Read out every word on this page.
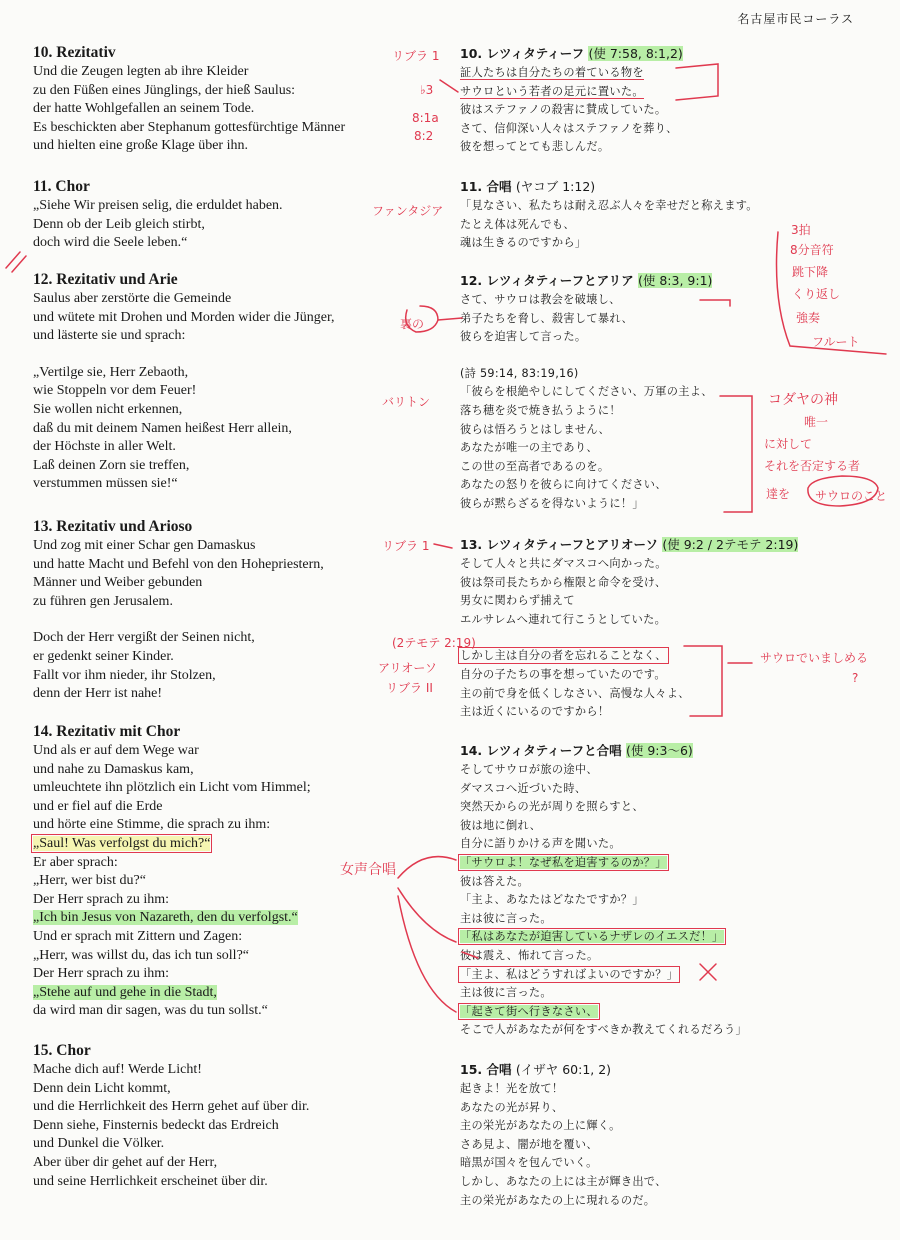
名古屋市民コーラス
10. Rezitativ
Und die Zeugen legten ab ihre Kleider
zu den Füßen eines Jünglings, der hieß Saulus:
der hatte Wohlgefallen an seinem Tode.
Es beschickten aber Stephanum gottesfürchtige Männer
und hielten eine große Klage über ihn.
11. Chor
„Siehe Wir preisen selig, die erduldet haben.
Denn ob der Leib gleich stirbt,
doch wird die Seele leben.“
12. Rezitativ und Arie
Saulus aber zerstörte die Gemeinde
und wütete mit Drohen und Morden wider die Jünger,
und lästerte sie und sprach:
„Vertilge sie, Herr Zebaoth,
wie Stoppeln vor dem Feuer!
Sie wollen nicht erkennen,
daß du mit deinem Namen heißest Herr allein,
der Höchste in aller Welt.
Laß deinen Zorn sie treffen,
verstummen müssen sie!“
13. Rezitativ und Arioso
Und zog mit einer Schar gen Damaskus
und hatte Macht und Befehl von den Hohepriestern,
Männer und Weiber gebunden
zu führen gen Jerusalem.
Doch der Herr vergißt der Seinen nicht,
er gedenkt seiner Kinder.
Fallt vor ihm nieder, ihr Stolzen,
denn der Herr ist nahe!
14. Rezitativ mit Chor
Und als er auf dem Wege war
und nahe zu Damaskus kam,
umleuchtete ihn plötzlich ein Licht vom Himmel;
und er fiel auf die Erde
und hörte eine Stimme, die sprach zu ihm:
„Saul! Was verfolgst du mich?“
Er aber sprach:
„Herr, wer bist du?“
Der Herr sprach zu ihm:
„Ich bin Jesus von Nazareth, den du verfolgst.“
Und er sprach mit Zittern und Zagen:
„Herr, was willst du, das ich tun soll?“
Der Herr sprach zu ihm:
„Stehe auf und gehe in die Stadt,
da wird man dir sagen, was du tun sollst.“
15. Chor
Mache dich auf! Werde Licht!
Denn dein Licht kommt,
und die Herrlichkeit des Herrn gehet auf über dir.
Denn siehe, Finsternis bedeckt das Erdreich
und Dunkel die Völker.
Aber über dir gehet auf der Herr,
und seine Herrlichkeit erscheinet über dir.
10. レツィタティーフ (使 7:58, 8:1,2)
証人たちは自分たちの着ている物を
サウロという若者の足元に置いた。
彼はステファノの殺害に賛成していた。
さて、信仰深い人々はステファノを葬り、
彼を想ってとても悲しんだ。
11. 合唱 (ヤコブ 1:12)
「見なさい、私たちは耐え忍ぶ人々を幸せだと称えます。
たとえ体は死んでも、
魂は生きるのですから」
12. レツィタティーフとアリア (使 8:3, 9:1)
さて、サウロは教会を破壊し、
弟子たちを脅し、殺害して暴れ、
彼らを迫害して言った。
(詩 59:14, 83:19,16)
「彼らを根絶やしにしてください、万軍の主よ、
落ち穂を炎で焼き払うように！
彼らは悟ろうとはしません、
あなたが唯一の主であり、
この世の至高者であるのを。
あなたの怒りを彼らに向けてください、
彼らが黙らざるを得ないように！」
13. レツィタティーフとアリオーソ (使 9:2 / 2テモテ 2:19)
そして人々と共にダマスコへ向かった。
彼は祭司長たちから権限と命令を受け、
男女に関わらず捕えて
エルサレムへ連れて行こうとしていた。
しかし主は自分の者を忘れることなく、
自分の子たちの事を想っていたのです。
主の前で身を低くしなさい、高慢な人々よ、
主は近くにいるのですから！
14. レツィタティーフと合唱 (使 9:3～6)
そしてサウロが旅の途中、
ダマスコへ近づいた時、
突然天からの光が周りを照らすと、
彼は地に倒れ、
自分に語りかける声を聞いた。
「サウロよ！なぜ私を迫害するのか？」
彼は答えた。
「主よ、あなたはどなたですか？」
主は彼に言った。
「私はあなたが迫害しているナザレのイエスだ！」
彼は震え、怖れて言った。
「主よ、私はどうすればよいのですか？」
主は彼に言った。
「起きて街へ行きなさい、
そこで人があなたが何をすべきか教えてくれるだろう」
15. 合唱 (イザヤ 60:1, 2)
起きよ！光を放て！
あなたの光が昇り、
主の栄光があなたの上に輝く。
さあ見よ、闇が地を覆い、
暗黒が国々を包んでいく。
しかし、あなたの上には主が輝き出で、
主の栄光があなたの上に現れるのだ。
リブラ 1
♭3
8:1a
8:2
ファンタジア
3拍
8分音符
跳下降
くり返し
強奏
フルート
裏の
バリトン	コダヤの神
唯一
に対して
それを否定する者
達を サウロのこと
リブラ 1
(2テモテ 2:19)
アリオーソ
リブラ II
サウロでいましめる
?
女声合唱
